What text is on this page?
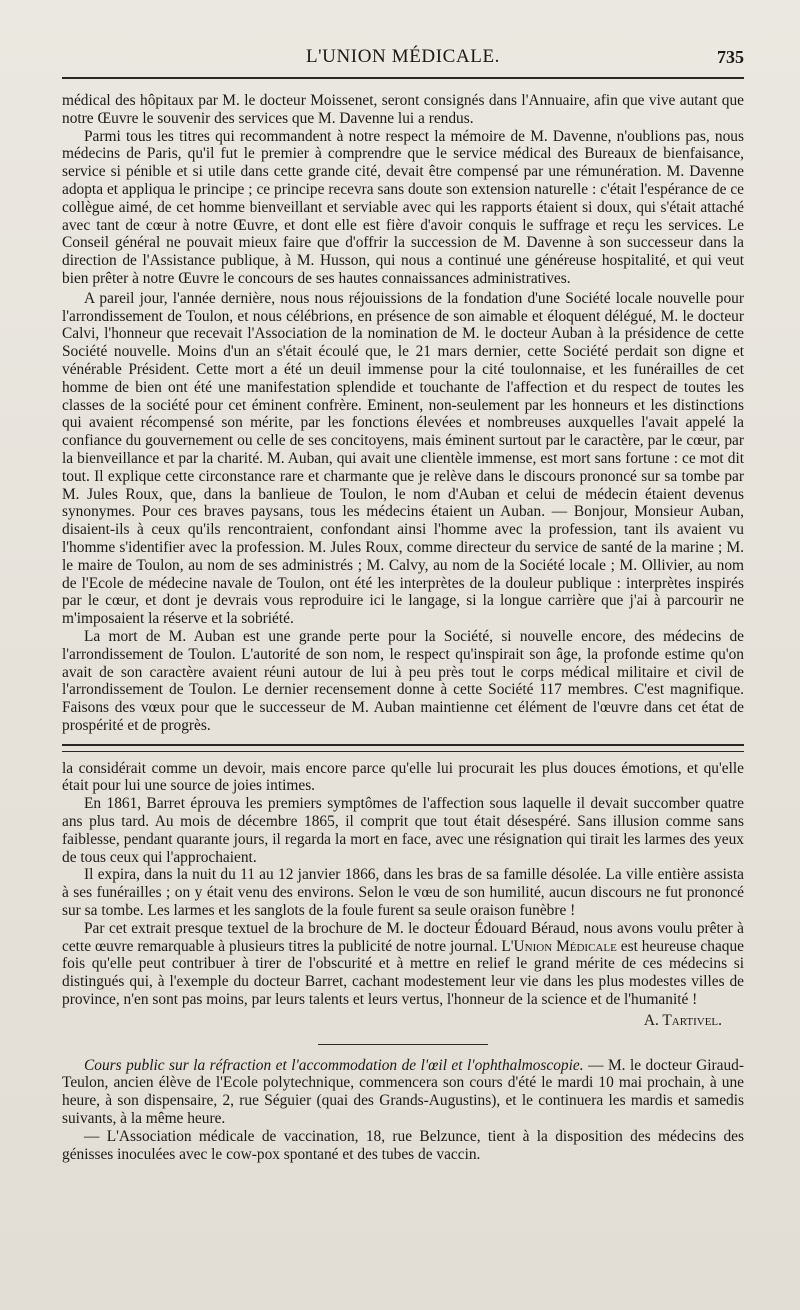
L'UNION MÉDICALE.	735

médical des hôpitaux par M. le docteur Moissenet, seront consignés dans l'Annuaire, afin que vive autant que notre Œuvre le souvenir des services que M. Davenne lui a rendus.

Parmi tous les titres qui recommandent à notre respect la mémoire de M. Davenne, n'oublions pas, nous médecins de Paris, qu'il fut le premier à comprendre que le service médical des Bureaux de bienfaisance, service si pénible et si utile dans cette grande cité, devait être compensé par une rémunération. M. Davenne adopta et appliqua le principe ; ce principe recevra sans doute son extension naturelle : c'était l'espérance de ce collègue aimé, de cet homme bienveillant et serviable avec qui les rapports étaient si doux, qui s'était attaché avec tant de cœur à notre Œuvre, et dont elle est fière d'avoir conquis le suffrage et reçu les services. Le Conseil général ne pouvait mieux faire que d'offrir la succession de M. Davenne à son successeur dans la direction de l'Assistance publique, à M. Husson, qui nous a continué une généreuse hospitalité, et qui veut bien prêter à notre Œuvre le concours de ses hautes connaissances administratives.

A pareil jour, l'année dernière, nous nous réjouissions de la fondation d'une Société locale nouvelle pour l'arrondissement de Toulon, et nous célébrions, en présence de son aimable et éloquent délégué, M. le docteur Calvi, l'honneur que recevait l'Association de la nomination de M. le docteur Auban à la présidence de cette Société nouvelle. Moins d'un an s'était écoulé que, le 21 mars dernier, cette Société perdait son digne et vénérable Président. Cette mort a été un deuil immense pour la cité toulonnaise, et les funérailles de cet homme de bien ont été une manifestation splendide et touchante de l'affection et du respect de toutes les classes de la société pour cet éminent confrère. Eminent, non-seulement par les honneurs et les distinctions qui avaient récompensé son mérite, par les fonctions élevées et nombreuses auxquelles l'avait appelé la confiance du gouvernement ou celle de ses concitoyens, mais éminent surtout par le caractère, par le cœur, par la bienveillance et par la charité. M. Auban, qui avait une clientèle immense, est mort sans fortune : ce mot dit tout. Il explique cette circonstance rare et charmante que je relève dans le discours prononcé sur sa tombe par M. Jules Roux, que, dans la banlieue de Toulon, le nom d'Auban et celui de médecin étaient devenus synonymes. Pour ces braves paysans, tous les médecins étaient un Auban. — Bonjour, Monsieur Auban, disaient-ils à ceux qu'ils rencontraient, confondant ainsi l'homme avec la profession, tant ils avaient vu l'homme s'identifier avec la profession. M. Jules Roux, comme directeur du service de santé de la marine ; M. le maire de Toulon, au nom de ses administrés ; M. Calvy, au nom de la Société locale ; M. Ollivier, au nom de l'Ecole de médecine navale de Toulon, ont été les interprètes de la douleur publique : interprètes inspirés par le cœur, et dont je devrais vous reproduire ici le langage, si la longue carrière que j'ai à parcourir ne m'imposaient la réserve et la sobriété.

La mort de M. Auban est une grande perte pour la Société, si nouvelle encore, des médecins de l'arrondissement de Toulon. L'autorité de son nom, le respect qu'inspirait son âge, la profonde estime qu'on avait de son caractère avaient réuni autour de lui à peu près tout le corps médical militaire et civil de l'arrondissement de Toulon. Le dernier recensement donne à cette Société 117 membres. C'est magnifique. Faisons des vœux pour que le successeur de M. Auban maintienne cet élément de l'œuvre dans cet état de prospérité et de progrès.

la considérait comme un devoir, mais encore parce qu'elle lui procurait les plus douces émotions, et qu'elle était pour lui une source de joies intimes.

En 1861, Barret éprouva les premiers symptômes de l'affection sous laquelle il devait succomber quatre ans plus tard. Au mois de décembre 1865, il comprit que tout était désespéré. Sans illusion comme sans faiblesse, pendant quarante jours, il regarda la mort en face, avec une résignation qui tirait les larmes des yeux de tous ceux qui l'approchaient.

Il expira, dans la nuit du 11 au 12 janvier 1866, dans les bras de sa famille désolée. La ville entière assista à ses funérailles ; on y était venu des environs. Selon le vœu de son humilité, aucun discours ne fut prononcé sur sa tombe. Les larmes et les sanglots de la foule furent sa seule oraison funèbre !

Par cet extrait presque textuel de la brochure de M. le docteur Édouard Béraud, nous avons voulu prêter à cette œuvre remarquable à plusieurs titres la publicité de notre journal. L'Union Médicale est heureuse chaque fois qu'elle peut contribuer à tirer de l'obscurité et à mettre en relief le grand mérite de ces médecins si distingués qui, à l'exemple du docteur Barret, cachant modestement leur vie dans les plus modestes villes de province, n'en sont pas moins, par leurs talents et leurs vertus, l'honneur de la science et de l'humanité !

A. Tartivel.

Cours public sur la réfraction et l'accommodation de l'œil et l'ophthalmoscopie. — M. le docteur Giraud-Teulon, ancien élève de l'Ecole polytechnique, commencera son cours d'été le mardi 10 mai prochain, à une heure, à son dispensaire, 2, rue Séguier (quai des Grands-Augustins), et le continuera les mardis et samedis suivants, à la même heure.

— L'Association médicale de vaccination, 18, rue Belzunce, tient à la disposition des médecins des génisses inoculées avec le cow-pox spontané et des tubes de vaccin.
